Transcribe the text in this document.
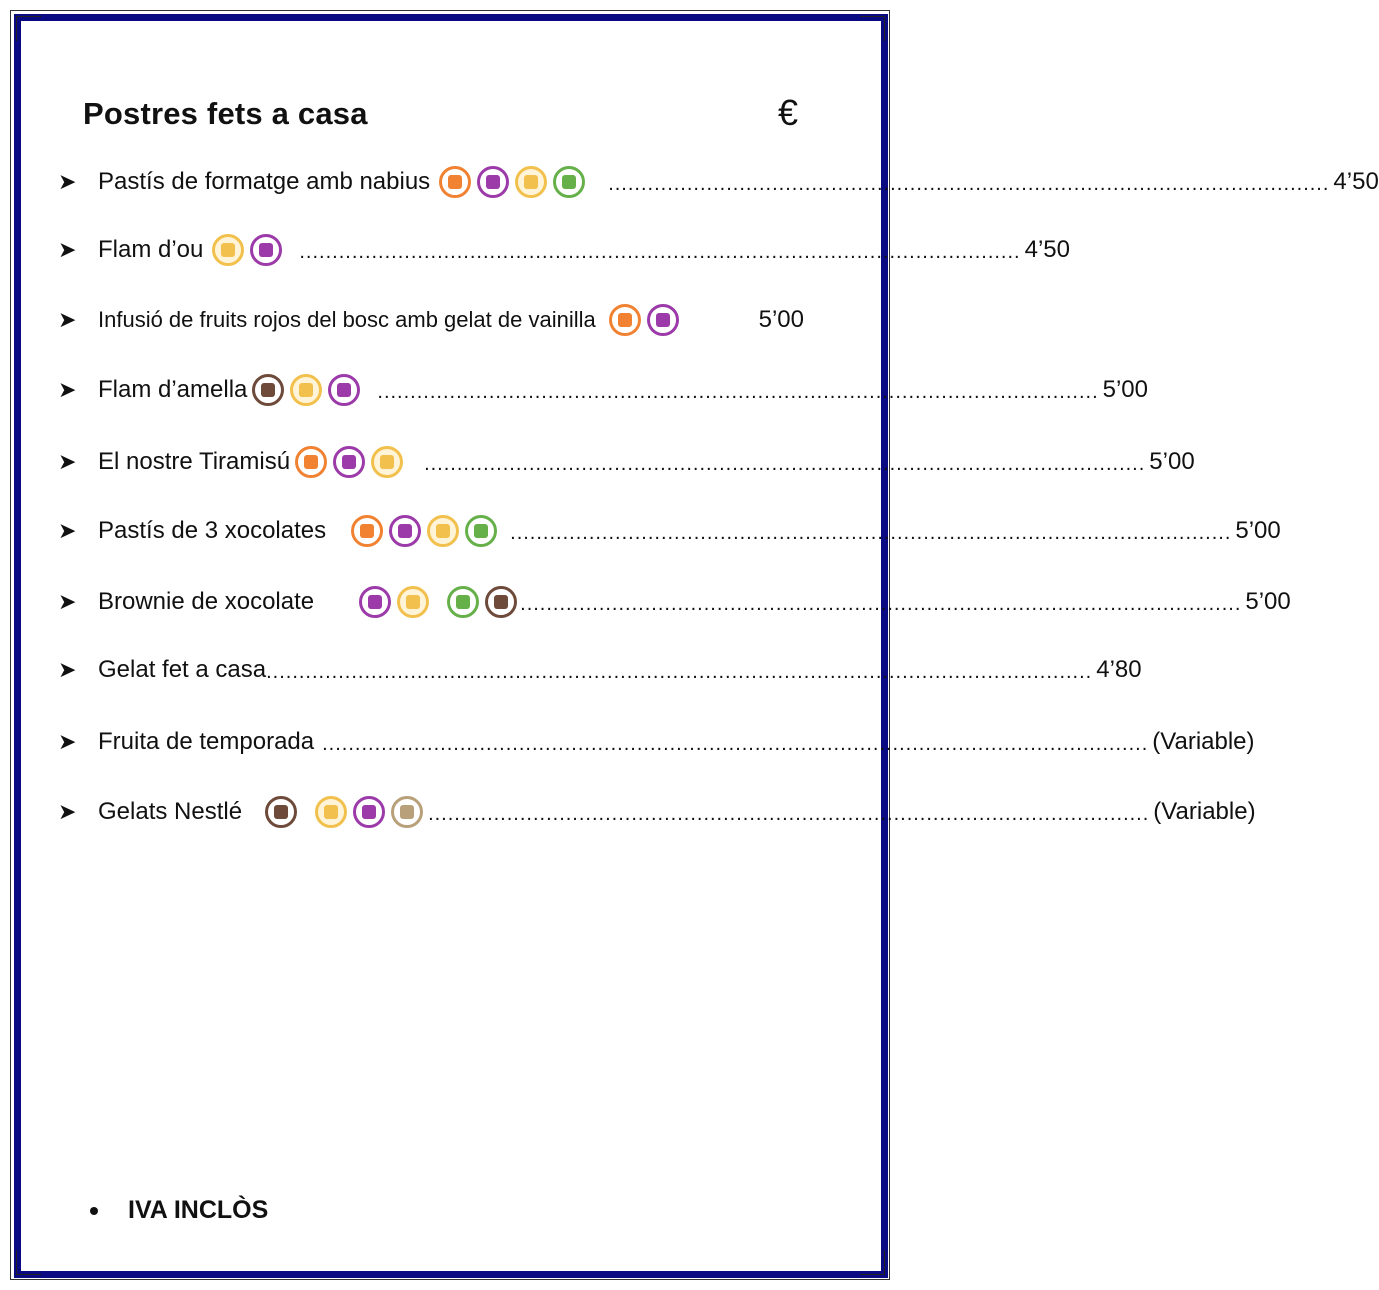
Postres fets a casa	€
➤ Pastís de formatge amb nabius	.............................................................................................................. 4’50
➤ Flam d’ou	.............................................................................................................. 4’50
➤ Infusió de fruits rojos del bosc amb gelat de vainilla	5’00
➤ Flam d’amella	.............................................................................................................. 5’00
➤ El nostre Tiramisú	.............................................................................................................. 5’00
➤ Pastís de 3 xocolates	.............................................................................................................. 5’00
➤ Brownie de xocolate	.............................................................................................................. 5’00
➤ Gelat fet a casa .............................................................................................................................. 4’80
➤ Fruita de temporada .............................................................................................................................. (Variable)
➤ Gelats Nestlé	.............................................................................................................. (Variable)
IVA INCLÒS
